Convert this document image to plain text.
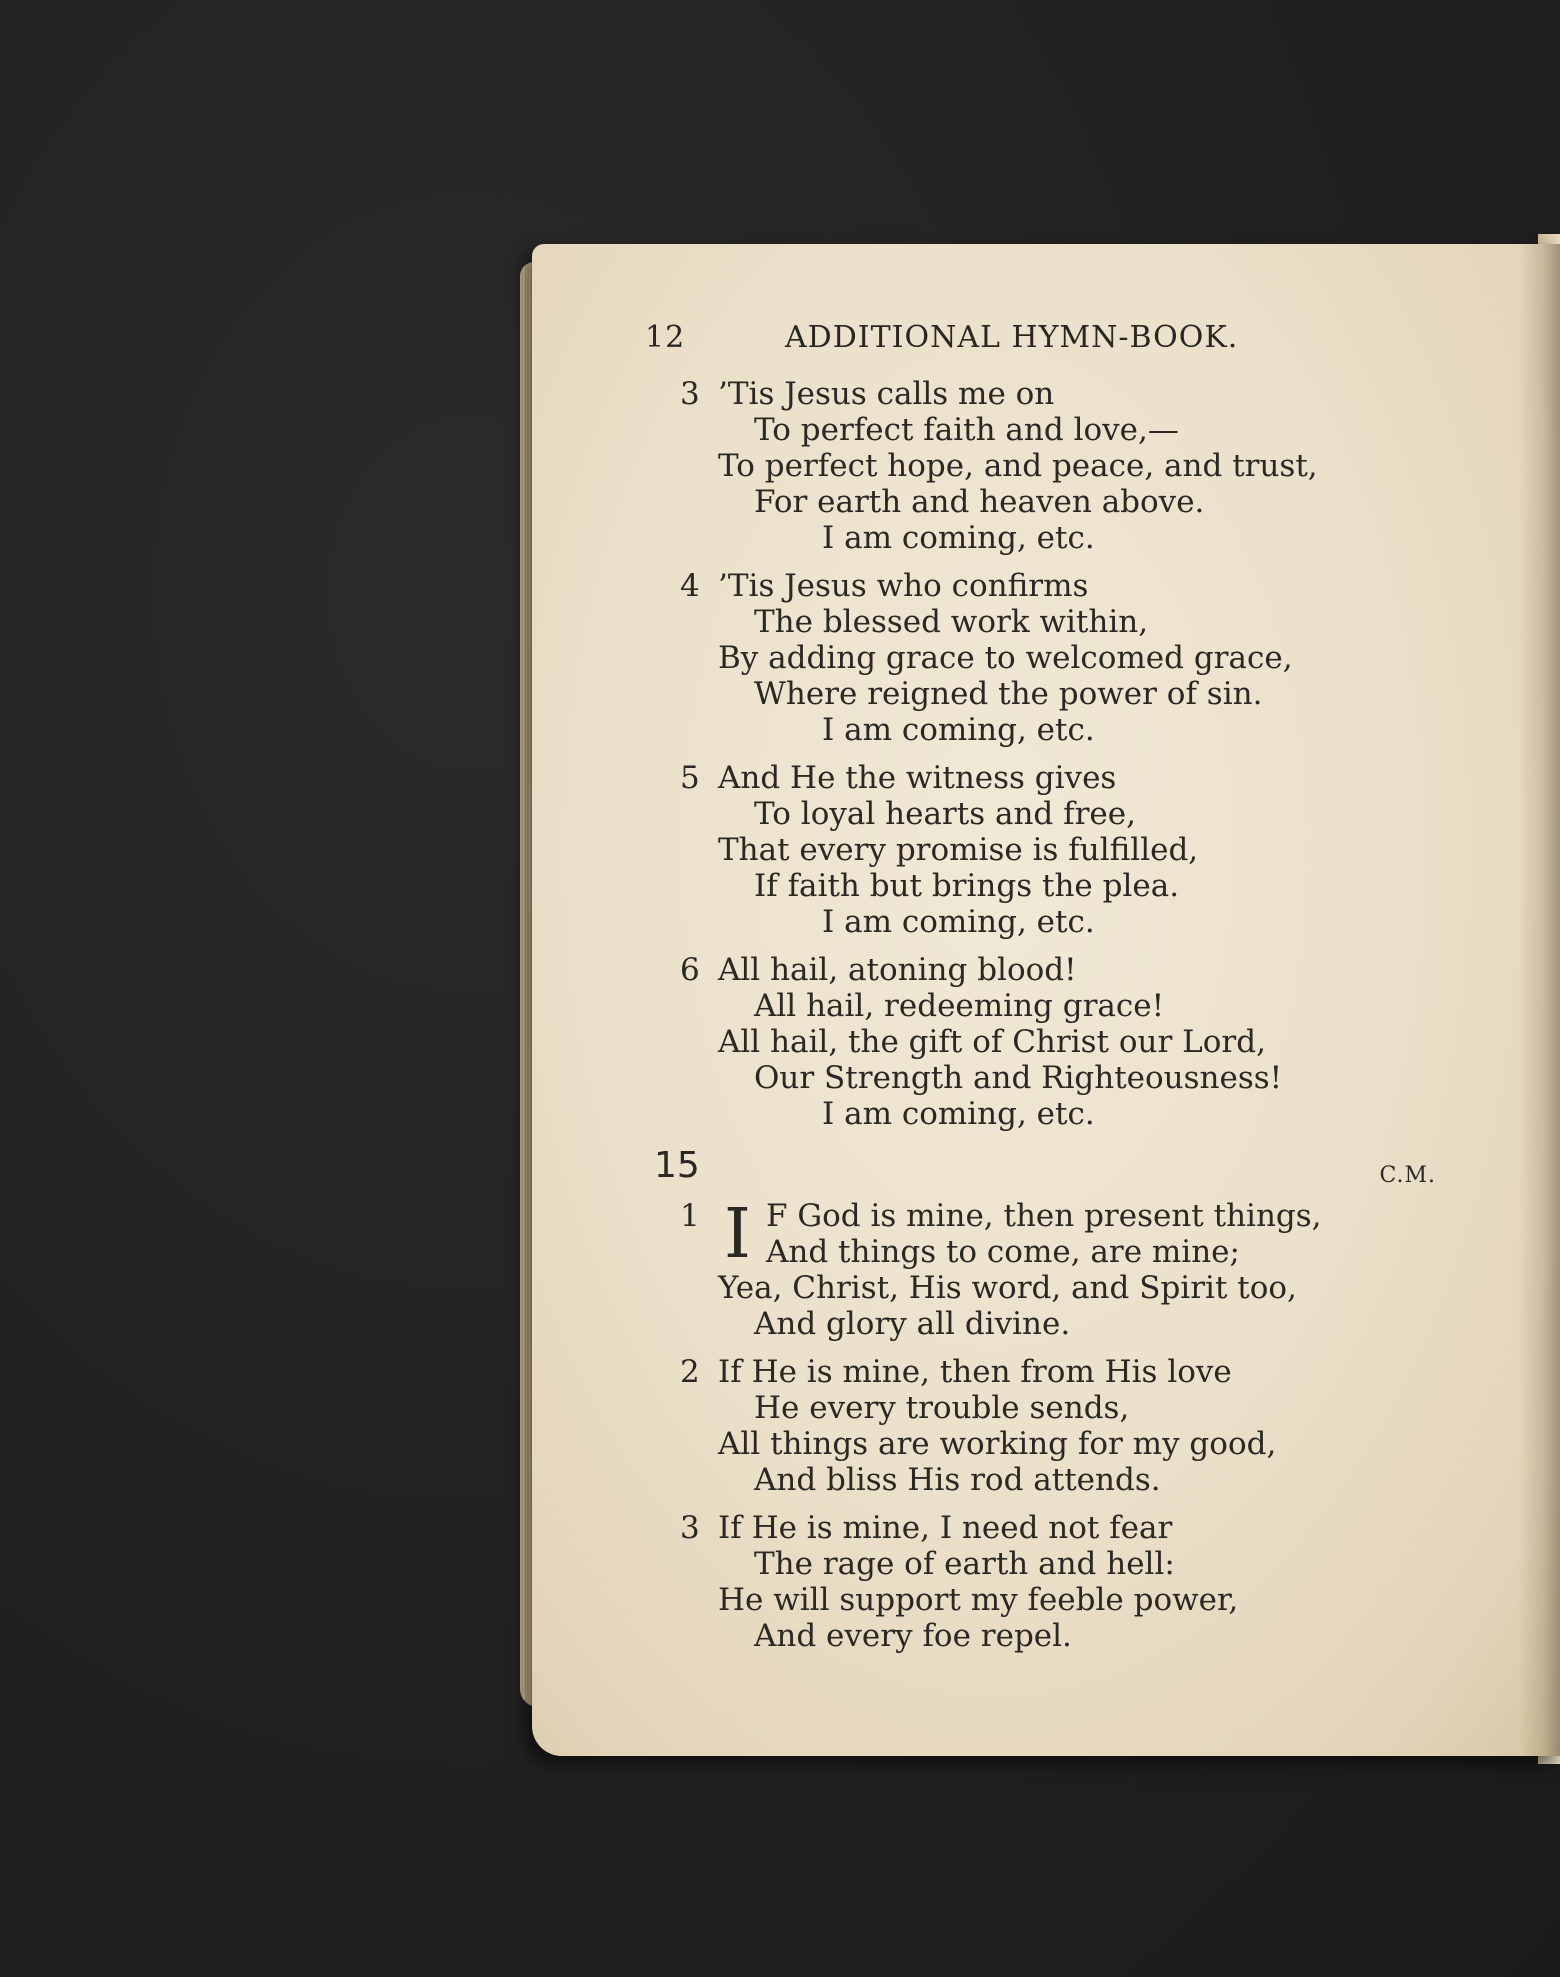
12	ADDITIONAL HYMN-BOOK.
3 ’Tis Jesus calls me on
To perfect faith and love,—
To perfect hope, and peace, and trust,
For earth and heaven above.
I am coming, etc.
4 ’Tis Jesus who confirms
The blessed work within,
By adding grace to welcomed grace,
Where reigned the power of sin.
I am coming, etc.
5 And He the witness gives
To loyal hearts and free,
That every promise is fulfilled,
If faith but brings the plea.
I am coming, etc.
6 All hail, atoning blood!
All hail, redeeming grace!
All hail, the gift of Christ our Lord,
Our Strength and Righteousness!
I am coming, etc.
15	C.M.
1 I F God is mine, then present things,
And things to come, are mine;
Yea, Christ, His word, and Spirit too,
And glory all divine.
2 If He is mine, then from His love
He every trouble sends,
All things are working for my good,
And bliss His rod attends.
3 If He is mine, I need not fear
The rage of earth and hell:
He will support my feeble power,
And every foe repel.
